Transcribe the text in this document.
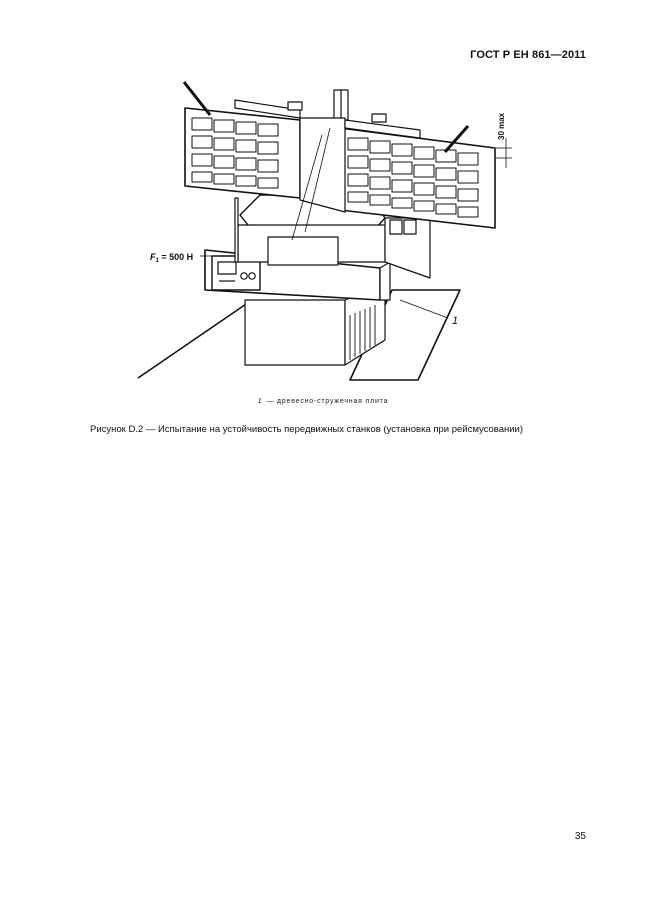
ГОСТ Р ЕН 861—2011
$F_1 = 500$ Н
30 max
1
1 — древесно-стружечная плита
Рисунок D.2 — Испытание на устойчивость передвижных станков (установка при рейсмусовании)
35
